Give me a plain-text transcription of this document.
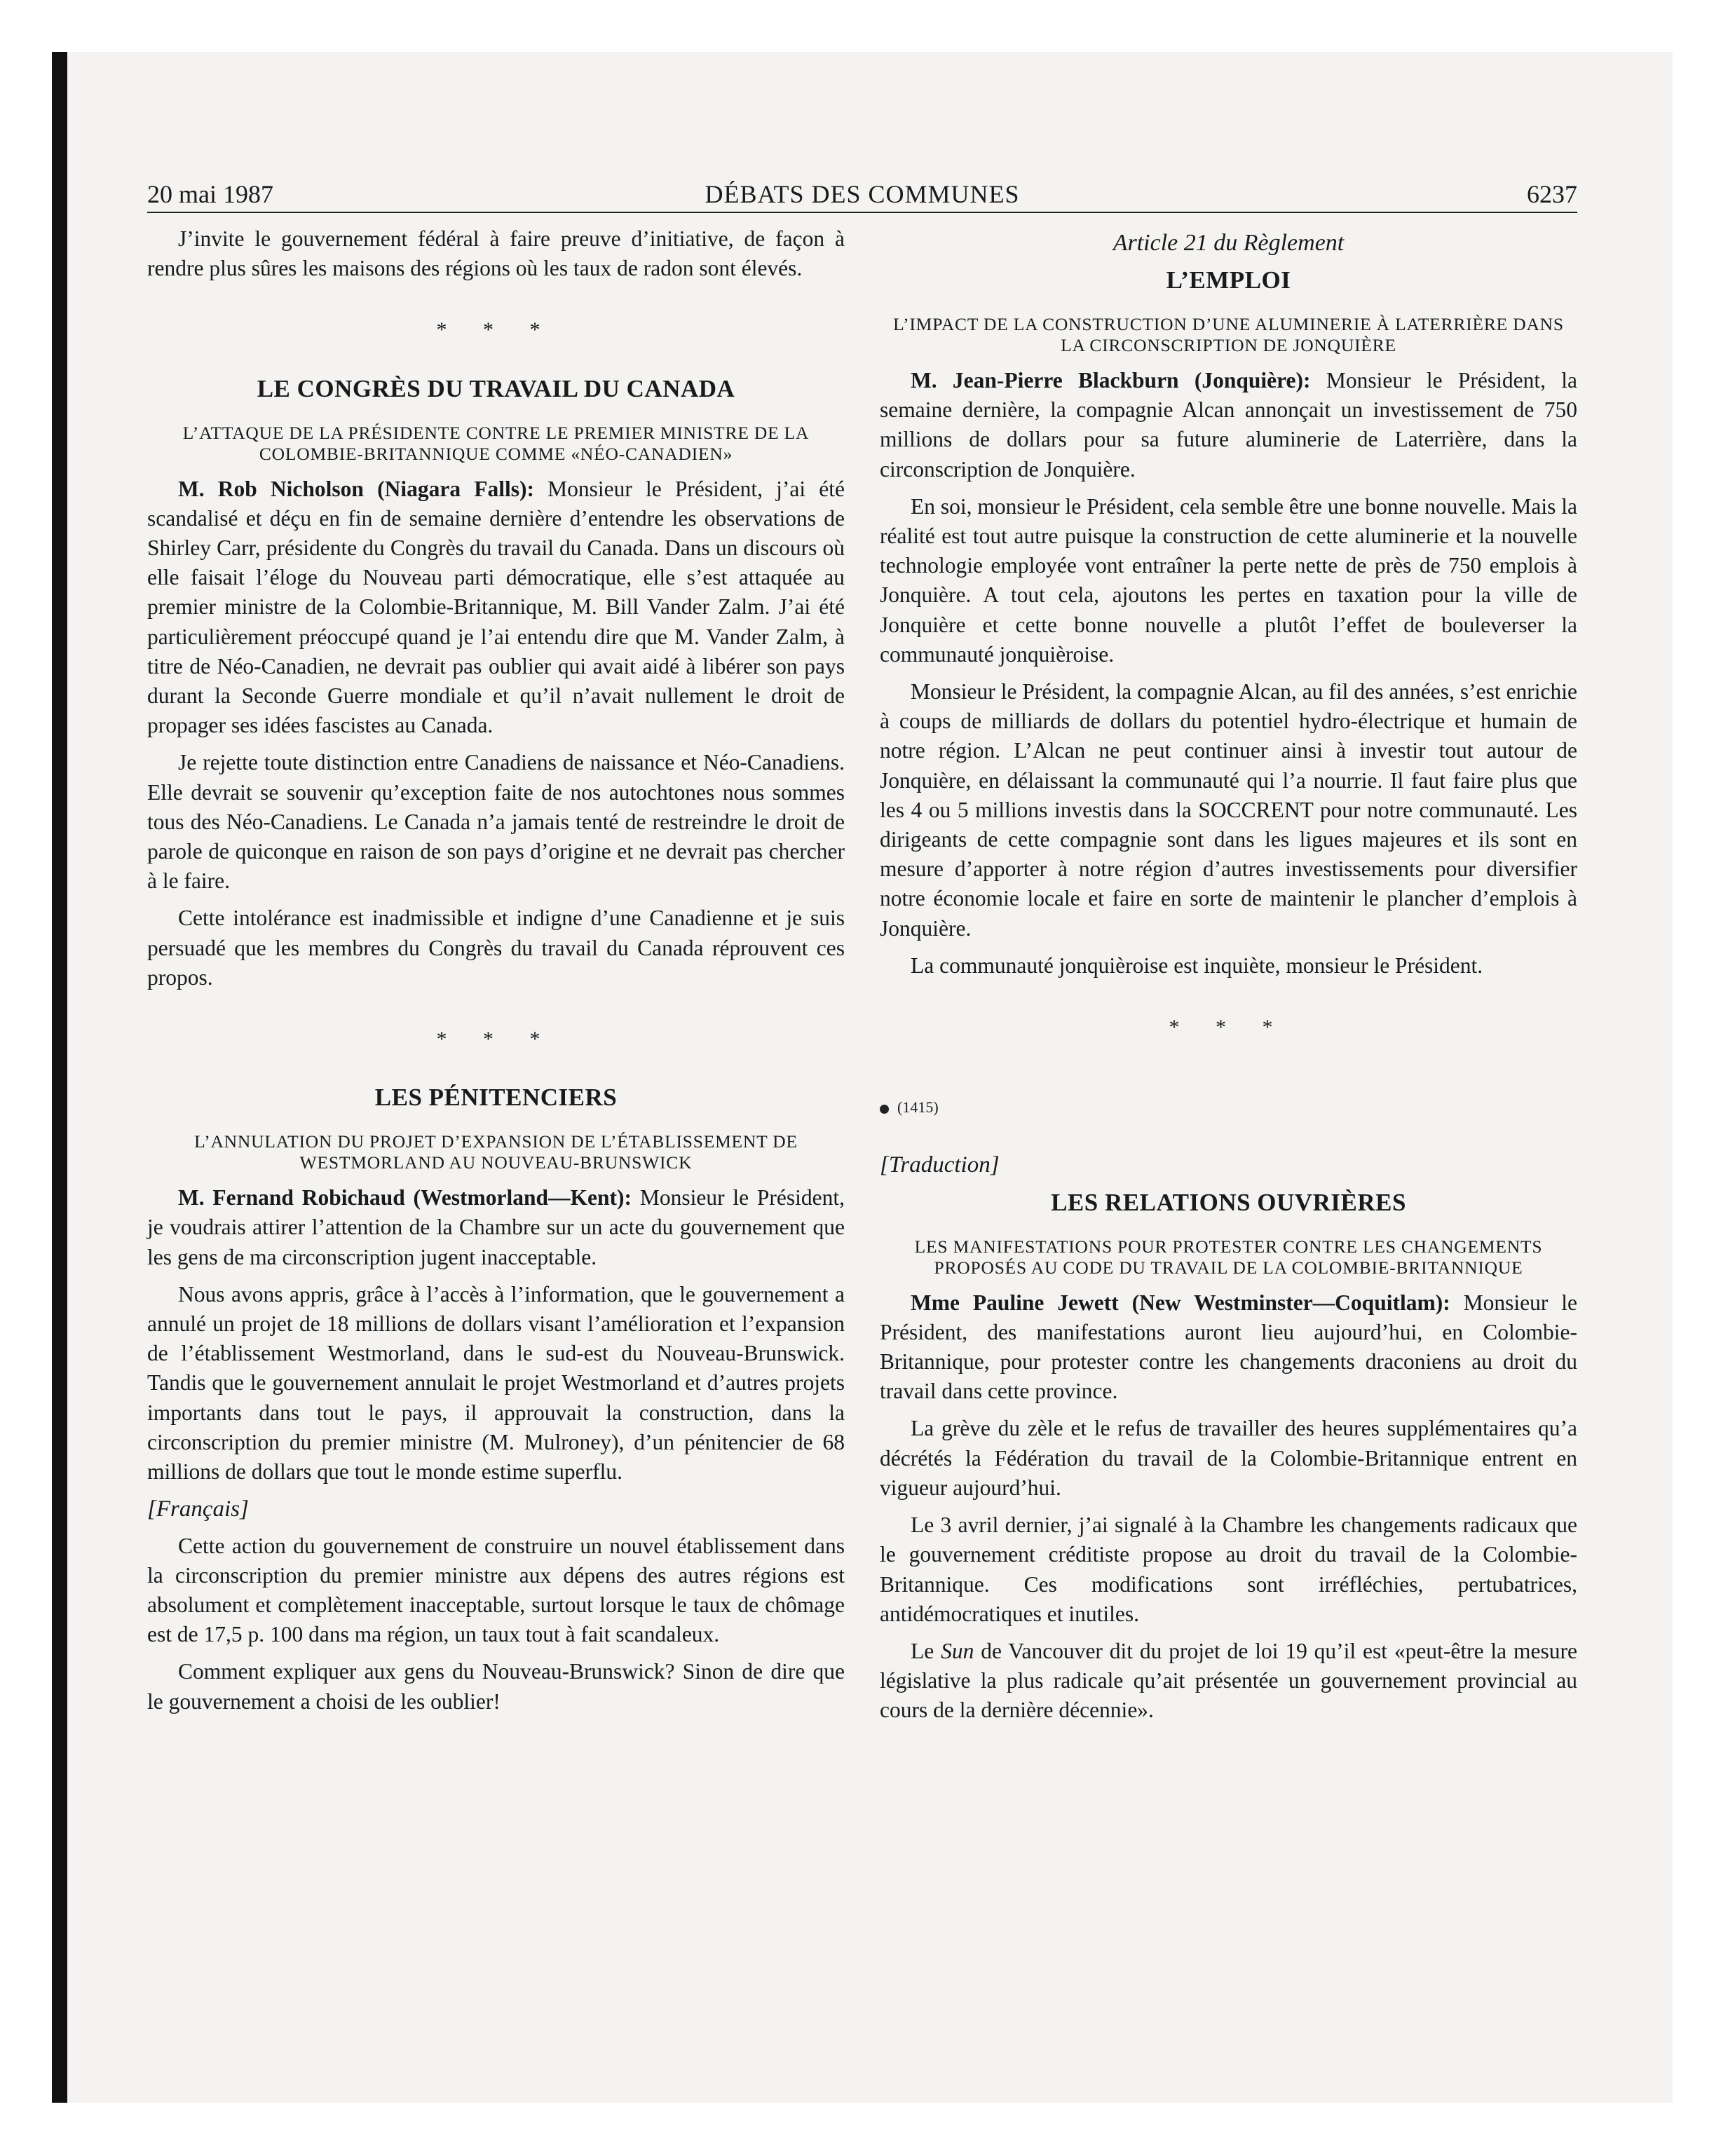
20 mai 1987	DÉBATS DES COMMUNES	6237

J’invite le gouvernement fédéral à faire preuve d’initiative, de façon à rendre plus sûres les maisons des régions où les taux de radon sont élevés.

* * *
LE CONGRÈS DU TRAVAIL DU CANADA
L’ATTAQUE DE LA PRÉSIDENTE CONTRE LE PREMIER MINISTRE DE LA COLOMBIE-BRITANNIQUE COMME «NÉO-CANADIEN»

M. Rob Nicholson (Niagara Falls): Monsieur le Président, j’ai été scandalisé et déçu en fin de semaine dernière d’entendre les observations de Shirley Carr, présidente du Congrès du travail du Canada. Dans un discours où elle faisait l’éloge du Nouveau parti démocratique, elle s’est attaquée au premier ministre de la Colombie-Britannique, M. Bill Vander Zalm. J’ai été particulièrement préoccupé quand je l’ai entendu dire que M. Vander Zalm, à titre de Néo-Canadien, ne devrait pas oublier qui avait aidé à libérer son pays durant la Seconde Guerre mondiale et qu’il n’avait nullement le droit de propager ses idées fascistes au Canada.

Je rejette toute distinction entre Canadiens de naissance et Néo-Canadiens. Elle devrait se souvenir qu’exception faite de nos autochtones nous sommes tous des Néo-Canadiens. Le Canada n’a jamais tenté de restreindre le droit de parole de quiconque en raison de son pays d’origine et ne devrait pas chercher à le faire.

Cette intolérance est inadmissible et indigne d’une Canadienne et je suis persuadé que les membres du Congrès du travail du Canada réprouvent ces propos.

* * *
LES PÉNITENCIERS
L’ANNULATION DU PROJET D’EXPANSION DE L’ÉTABLISSEMENT DE WESTMORLAND AU NOUVEAU-BRUNSWICK

M. Fernand Robichaud (Westmorland—Kent): Monsieur le Président, je voudrais attirer l’attention de la Chambre sur un acte du gouvernement que les gens de ma circonscription jugent inacceptable.

Nous avons appris, grâce à l’accès à l’information, que le gouvernement a annulé un projet de 18 millions de dollars visant l’amélioration et l’expansion de l’établissement Westmorland, dans le sud-est du Nouveau-Brunswick. Tandis que le gouvernement annulait le projet Westmorland et d’autres projets importants dans tout le pays, il approuvait la construction, dans la circonscription du premier ministre (M. Mulroney), d’un pénitencier de 68 millions de dollars que tout le monde estime superflu.

[Français]

Cette action du gouvernement de construire un nouvel établissement dans la circonscription du premier ministre aux dépens des autres régions est absolument et complètement inacceptable, surtout lorsque le taux de chômage est de 17,5 p. 100 dans ma région, un taux tout à fait scandaleux.

Comment expliquer aux gens du Nouveau-Brunswick? Sinon de dire que le gouvernement a choisi de les oublier!

Article 21 du Règlement
L’EMPLOI
L’IMPACT DE LA CONSTRUCTION D’UNE ALUMINERIE À LATERRIÈRE DANS LA CIRCONSCRIPTION DE JONQUIÈRE

M. Jean-Pierre Blackburn (Jonquière): Monsieur le Président, la semaine dernière, la compagnie Alcan annonçait un investissement de 750 millions de dollars pour sa future aluminerie de Laterrière, dans la circonscription de Jonquière.

En soi, monsieur le Président, cela semble être une bonne nouvelle. Mais la réalité est tout autre puisque la construction de cette aluminerie et la nouvelle technologie employée vont entraîner la perte nette de près de 750 emplois à Jonquière. A tout cela, ajoutons les pertes en taxation pour la ville de Jonquière et cette bonne nouvelle a plutôt l’effet de bouleverser la communauté jonquièroise.

Monsieur le Président, la compagnie Alcan, au fil des années, s’est enrichie à coups de milliards de dollars du potentiel hydro-électrique et humain de notre région. L’Alcan ne peut continuer ainsi à investir tout autour de Jonquière, en délaissant la communauté qui l’a nourrie. Il faut faire plus que les 4 ou 5 millions investis dans la SOCCRENT pour notre communauté. Les dirigeants de cette compagnie sont dans les ligues majeures et ils sont en mesure d’apporter à notre région d’autres investissements pour diversifier notre économie locale et faire en sorte de maintenir le plancher d’emplois à Jonquière.

La communauté jonquièroise est inquiète, monsieur le Président.

* * *
(1415)
[Traduction]
LES RELATIONS OUVRIÈRES
LES MANIFESTATIONS POUR PROTESTER CONTRE LES CHANGEMENTS PROPOSÉS AU CODE DU TRAVAIL DE LA COLOMBIE-BRITANNIQUE

Mme Pauline Jewett (New Westminster—Coquitlam): Monsieur le Président, des manifestations auront lieu aujourd’hui, en Colombie-Britannique, pour protester contre les changements draconiens au droit du travail dans cette province.

La grève du zèle et le refus de travailler des heures supplémentaires qu’a décrétés la Fédération du travail de la Colombie-Britannique entrent en vigueur aujourd’hui.

Le 3 avril dernier, j’ai signalé à la Chambre les changements radicaux que le gouvernement créditiste propose au droit du travail de la Colombie-Britannique. Ces modifications sont irréfléchies, pertubatrices, antidémocratiques et inutiles.

Le Sun de Vancouver dit du projet de loi 19 qu’il est «peut-être la mesure législative la plus radicale qu’ait présentée un gouvernement provincial au cours de la dernière décennie».
